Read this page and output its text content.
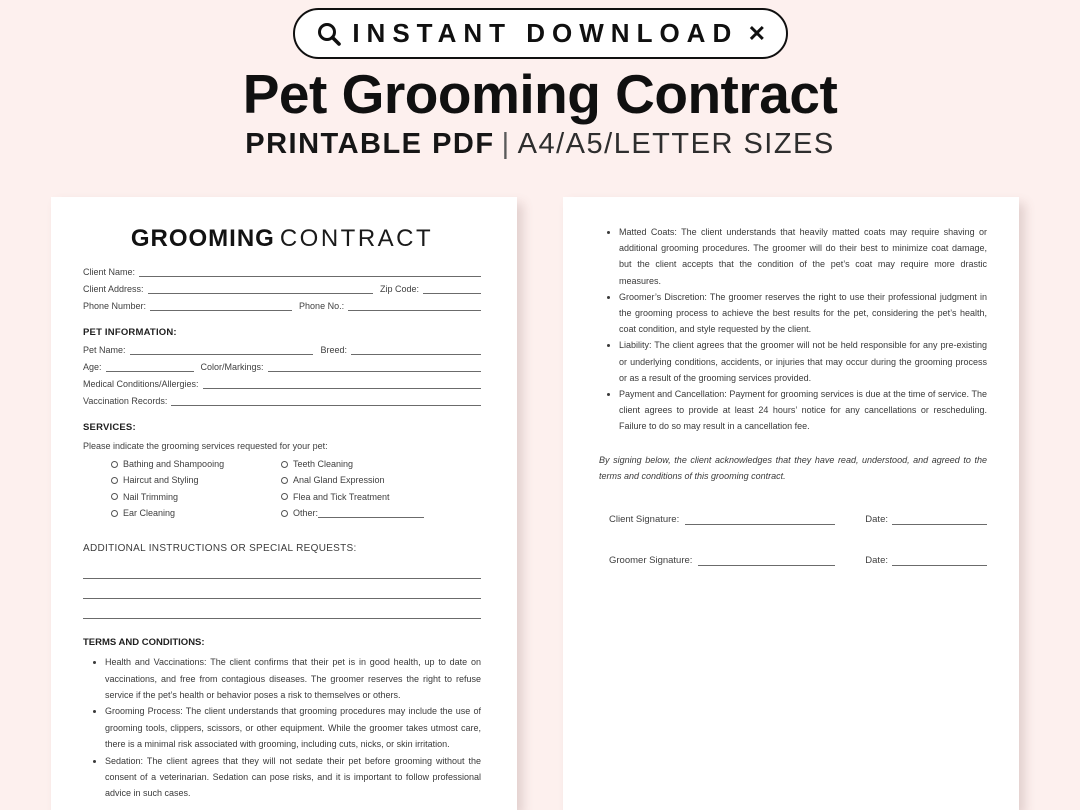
INSTANT DOWNLOAD ✕
Pet Grooming Contract
PRINTABLE PDF | A4/A5/LETTER SIZES
GROOMING CONTRACT
Client Name:
Client Address:	Zip Code:
Phone Number:	Phone No.:
PET INFORMATION:
Pet Name:	Breed:
Age:	Color/Markings:
Medical Conditions/Allergies:
Vaccination Records:
SERVICES:
Please indicate the grooming services requested for your pet:
Bathing and Shampooing
Haircut and Styling
Nail Trimming
Ear Cleaning
Teeth Cleaning
Anal Gland Expression
Flea and Tick Treatment
Other:
ADDITIONAL INSTRUCTIONS OR SPECIAL REQUESTS:
TERMS AND CONDITIONS:
• Health and Vaccinations: The client confirms that their pet is in good health, up to date on vaccinations, and free from contagious diseases. The groomer reserves the right to refuse service if the pet’s health or behavior poses a risk to themselves or others.
• Grooming Process: The client understands that grooming procedures may include the use of grooming tools, clippers, scissors, or other equipment. While the groomer takes utmost care, there is a minimal risk associated with grooming, including cuts, nicks, or skin irritation.
• Sedation: The client agrees that they will not sedate their pet before grooming without the consent of a veterinarian. Sedation can pose risks, and it is important to follow professional advice in such cases.
• Matted Coats: The client understands that heavily matted coats may require shaving or additional grooming procedures. The groomer will do their best to minimize coat damage, but the client accepts that the condition of the pet’s coat may require more drastic measures.
• Groomer’s Discretion: The groomer reserves the right to use their professional judgment in the grooming process to achieve the best results for the pet, considering the pet’s health, coat condition, and style requested by the client.
• Liability: The client agrees that the groomer will not be held responsible for any pre-existing or underlying conditions, accidents, or injuries that may occur during the grooming process or as a result of the grooming services provided.
• Payment and Cancellation: Payment for grooming services is due at the time of service. The client agrees to provide at least 24 hours’ notice for any cancellations or rescheduling. Failure to do so may result in a cancellation fee.

By signing below, the client acknowledges that they have read, understood, and agreed to the terms and conditions of this grooming contract.

Client Signature:	Date:
Groomer Signature:	Date:
